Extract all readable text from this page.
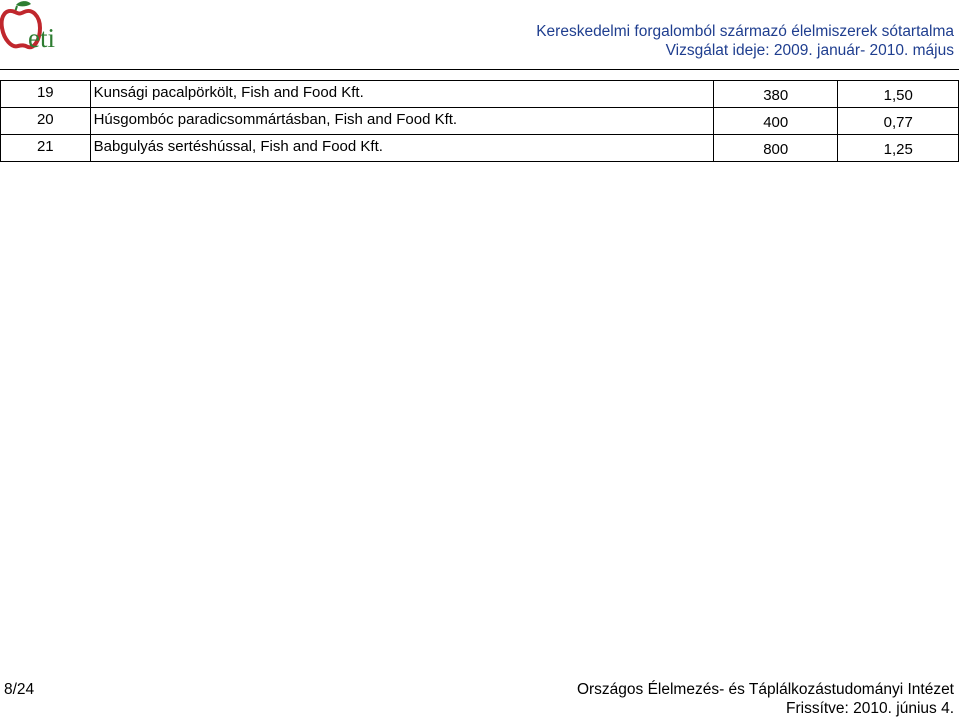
eti	Kereskedelmi forgalomból származó élelmiszerek sótartalma
Vizsgálat ideje: 2009. január- 2010. május
19	Kunsági pacalpörkölt, Fish and Food Kft.	380	1,50
20	Húsgombóc paradicsommártásban, Fish and Food Kft.	400	0,77
21	Babgulyás sertéshússal, Fish and Food Kft.	800	1,25
8/24	Országos Élelmezés- és Táplálkozástudományi Intézet
Frissítve: 2010. június 4.
